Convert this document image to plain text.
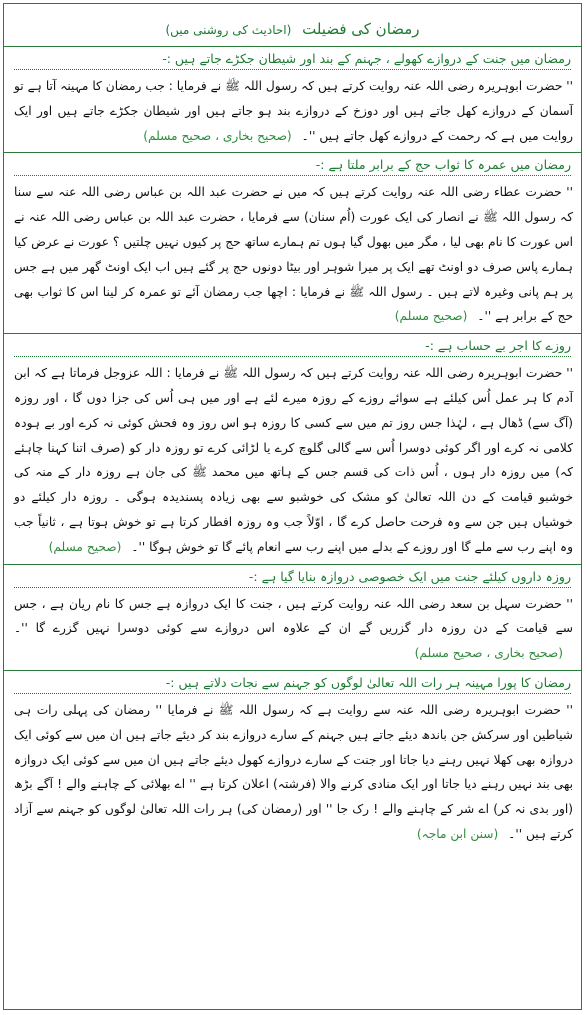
رمضان کی فضیلت (احادیث کی روشنی میں)
رمضان میں جنت کے دروازے کھولے ، جہنم کے بند اور شیطان جکڑے جاتے ہیں :-
'' حضرت ابوہریرہ رضی اللہ عنہ روایت کرتے ہیں کہ رسول اللہ ﷺ نے فرمایا : جب رمضان کا مہینہ آتا ہے تو آسمان کے دروازے کھل جاتے ہیں اور دوزخ کے دروازے بند ہو جاتے ہیں اور شیطان جکڑے جاتے ہیں اور ایک روایت میں ہے کہ رحمت کے دروازے کھل جاتے ہیں ''۔(صحیح بخاری ، صحیح مسلم)
رمضان میں عمرہ کا ثواب حج کے برابر ملتا ہے :-
'' حضرت عطاء رضی اللہ عنہ روایت کرتے ہیں کہ میں نے حضرت عبد اللہ بن عباس رضی اللہ عنہ سے سنا کہ رسول اللہ ﷺ نے انصار کی ایک عورت (اُم سنان) سے فرمایا ، حضرت عبد اللہ بن عباس رضی اللہ عنہ نے اس عورت کا نام بھی لیا ، مگر میں بھول گیا ہوں تم ہمارے ساتھ حج پر کیوں نہیں چلتیں ؟ عورت نے عرض کیا ہمارے پاس صرف دو اونٹ تھے ایک پر میرا شوہر اور بیٹا دونوں حج پر گئے ہیں اب ایک اونٹ گھر میں ہے جس پر ہم پانی وغیرہ لاتے ہیں ۔ رسول اللہ ﷺ نے فرمایا : اچھا جب رمضان آئے تو عمرہ کر لینا اس کا ثواب بھی حج کے برابر ہے ''۔(صحیح مسلم)
روزے کا اجر بے حساب ہے :-
'' حضرت ابوہریرہ رضی اللہ عنہ روایت کرتے ہیں کہ رسول اللہ ﷺ نے فرمایا : اللہ عزوجل فرماتا ہے کہ ابن آدم کا ہر عمل اُس کیلئے ہے سوائے روزے کے روزہ میرے لئے ہے اور میں ہی اُس کی جزا دوں گا ، اور روزہ (آگ سے) ڈھال ہے ، لہٰذا جس روز تم میں سے کسی کا روزہ ہو اس روز وہ فحش کوئی نہ کرے اور بے ہودہ کلامی نہ کرے اور اگر کوئی دوسرا اُس سے گالی گلوچ کرے یا لڑائی کرے تو روزہ دار کو (صرف اتنا کہنا چاہئے کہ) میں روزہ دار ہوں ، اُس ذات کی قسم جس کے ہاتھ میں محمد ﷺ کی جان ہے روزہ دار کے منہ کی خوشبو قیامت کے دن اللہ تعالیٰ کو مشک کی خوشبو سے بھی زیادہ پسندیدہ ہوگی ۔ روزہ دار کیلئے دو خوشیاں ہیں جن سے وہ فرحت حاصل کرے گا ، اوّلاً جب وہ روزہ افطار کرتا ہے تو خوش ہوتا ہے ، ثانیاً جب وہ اپنے رب سے ملے گا اور روزے کے بدلے میں اپنے رب سے انعام پائے گا تو خوش ہوگا ''۔(صحیح مسلم)
روزہ داروں کیلئے جنت میں ایک خصوصی دروازہ بنایا گیا ہے :-
'' حضرت سہل بن سعد رضی اللہ عنہ روایت کرتے ہیں ، جنت کا ایک دروازہ ہے جس کا نام ریان ہے ، جس سے قیامت کے دن روزہ دار گزریں گے ان کے علاوہ اس دروازے سے کوئی دوسرا نہیں گزرے گا ''۔(صحیح بخاری ، صحیح مسلم)
رمضان کا پورا مہینہ ہر رات اللہ تعالیٰ لوگوں کو جہنم سے نجات دلاتے ہیں :-
'' حضرت ابوہریرہ رضی اللہ عنہ سے روایت ہے کہ رسول اللہ ﷺ نے فرمایا '' رمضان کی پہلی رات ہی شیاطین اور سرکش جن باندھ دیئے جاتے ہیں جہنم کے سارے دروازے بند کر دیئے جاتے ہیں ان میں سے کوئی ایک دروازہ بھی کھلا نہیں رہنے دیا جاتا اور جنت کے سارے دروازے کھول دیئے جاتے ہیں ان میں سے کوئی ایک دروازہ بھی بند نہیں رہنے دیا جاتا اور ایک منادی کرنے والا (فرشتہ) اعلان کرتا ہے '' اے بھلائی کے چاہنے والے ! آگے بڑھ (اور بدی نہ کر) اے شر کے چاہنے والے ! رک جا '' اور (رمضان کی) ہر رات اللہ تعالیٰ لوگوں کو جہنم سے آزاد کرتے ہیں ''۔(سنن ابن ماجہ)
